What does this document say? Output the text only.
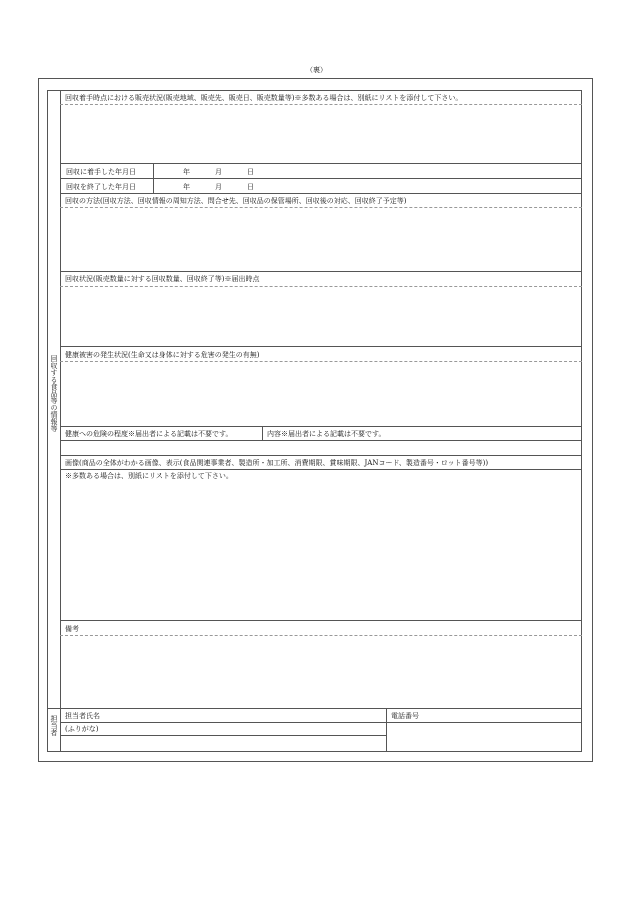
（裏）
回収する食品等の情報等
担当者
回収着手時点における販売状況(販売地域、販売先、販売日、販売数量等)※多数ある場合は、別紙にリストを添付して下さい。
回収に着手した年月日	年	月	日
回収を終了した年月日	年	月	日
回収の方法(回収方法、回収情報の周知方法、問合せ先、回収品の保管場所、回収後の対応、回収終了予定等)
回収状況(販売数量に対する回収数量、回収終了等)※届出時点
健康被害の発生状況(生命又は身体に対する危害の発生の有無)
健康への危険の程度※届出者による記載は不要です。	内容※届出者による記載は不要です。
画像(商品の全体がわかる画像、表示(食品関連事業者、製造所・加工所、消費期限、賞味期限、JANコード、製造番号・ロット番号等))
※多数ある場合は、別紙にリストを添付して下さい。
備考
担当者氏名	電話番号
(ふりがな)
